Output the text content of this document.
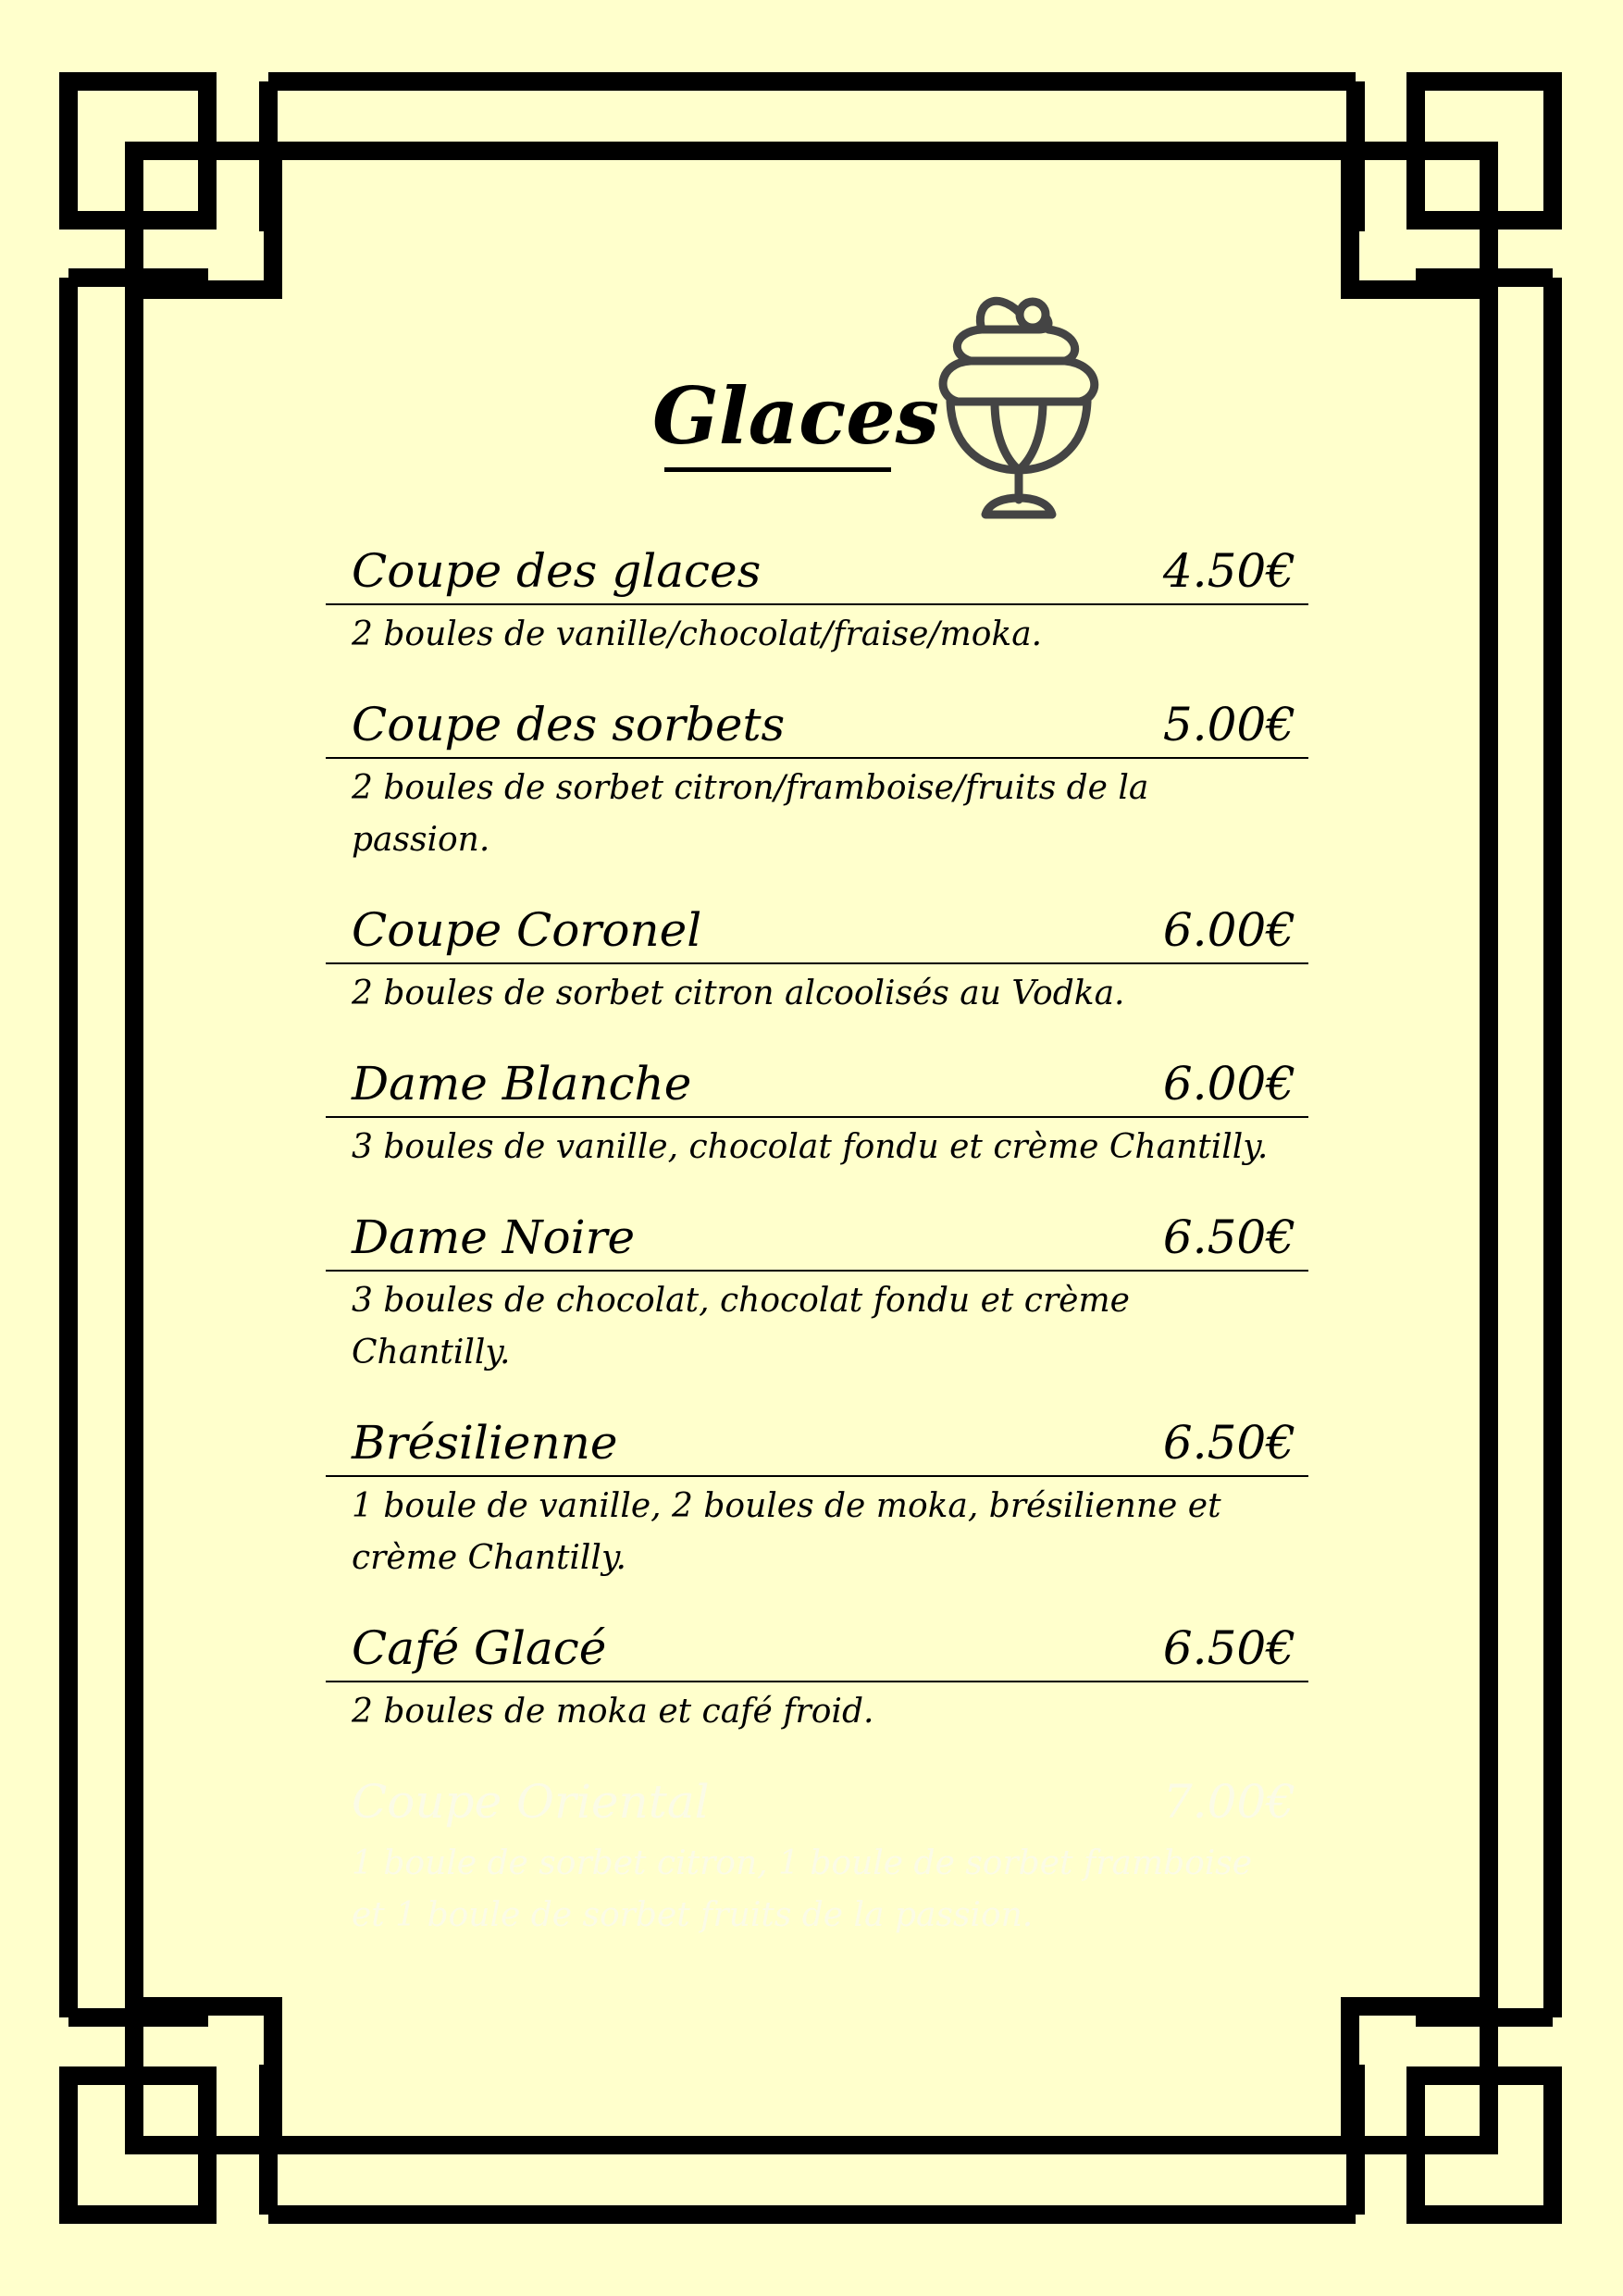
Glaces
Coupe des glaces	4.50€
2 boules de vanille/chocolat/fraise/moka.
Coupe des sorbets	5.00€
2 boules de sorbet citron/framboise/fruits de la passion.
Coupe Coronel	6.00€
2 boules de sorbet citron alcoolisés au Vodka.
Dame Blanche	6.00€
3 boules de vanille, chocolat fondu et crème Chantilly.
Dame Noire	6.50€
3 boules de chocolat, chocolat fondu et crème Chantilly.
Brésilienne	6.50€
1 boule de vanille, 2 boules de moka, brésilienne et crème Chantilly.
Café Glacé	6.50€
2 boules de moka et café froid.
Coupe Oriental	7.00€
1 boule de sorbet citron, 1 boule de sorbet framboise et 1 boule de sorbet fruits de la passion.
